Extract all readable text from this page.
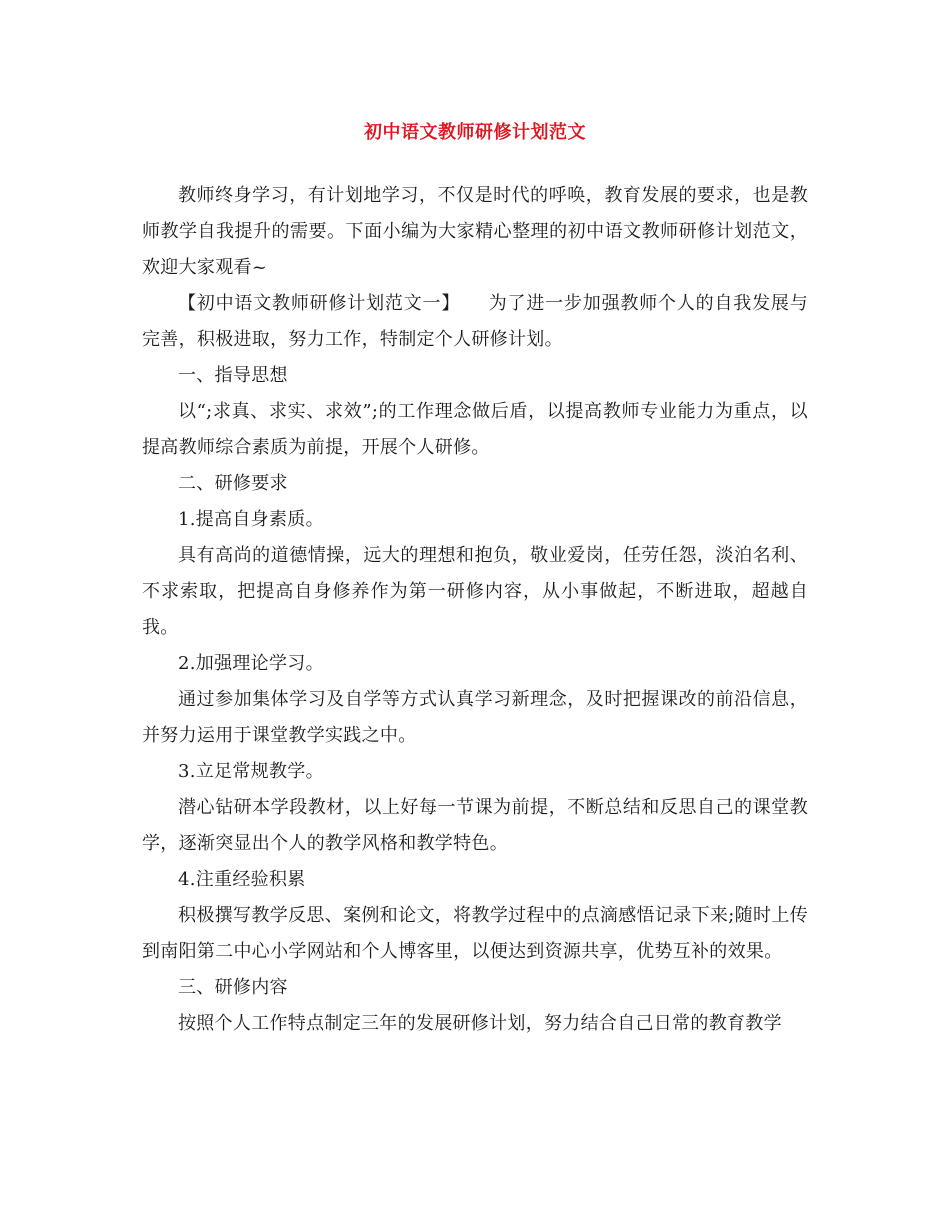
初中语文教师研修计划范文

教师终身学习，有计划地学习，不仅是时代的呼唤，教育发展的要求，也是教师教学自我提升的需要。下面小编为大家精心整理的初中语文教师研修计划范文，欢迎大家观看~

【初中语文教师研修计划范文一】　　为了进一步加强教师个人的自我发展与完善，积极进取，努力工作，特制定个人研修计划。

一、指导思想

以“;求真、求实、求效”;的工作理念做后盾，以提高教师专业能力为重点，以提高教师综合素质为前提，开展个人研修。

二、研修要求

1.提高自身素质。

具有高尚的道德情操，远大的理想和抱负，敬业爱岗，任劳任怨，淡泊名利、不求索取，把提高自身修养作为第一研修内容，从小事做起，不断进取，超越自我。

2.加强理论学习。

通过参加集体学习及自学等方式认真学习新理念，及时把握课改的前沿信息，并努力运用于课堂教学实践之中。

3.立足常规教学。

潜心钻研本学段教材，以上好每一节课为前提，不断总结和反思自己的课堂教学，逐渐突显出个人的教学风格和教学特色。

4.注重经验积累

积极撰写教学反思、案例和论文，将教学过程中的点滴感悟记录下来;随时上传到南阳第二中心小学网站和个人博客里，以便达到资源共享，优势互补的效果。

三、研修内容

按照个人工作特点制定三年的发展研修计划，努力结合自己日常的教育教学
